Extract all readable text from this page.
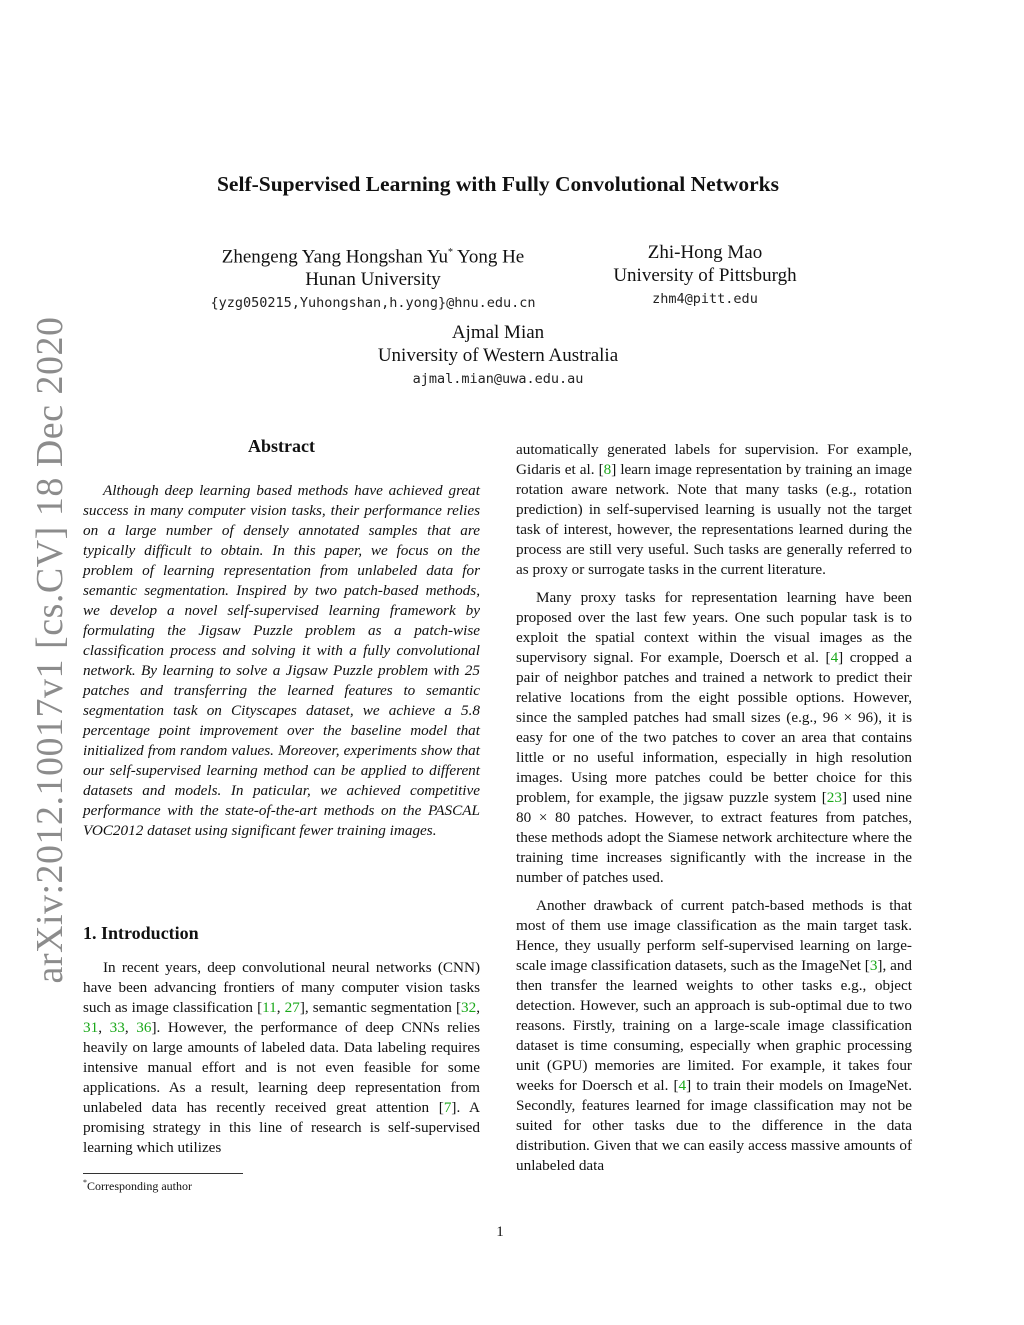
arXiv:2012.10017v1 [cs.CV] 18 Dec 2020
Self-Supervised Learning with Fully Convolutional Networks
Zhengeng Yang Hongshan Yu* Yong He
Hunan University
{yzg050215,Yuhongshan,h.yong}@hnu.edu.cn
Zhi-Hong Mao
University of Pittsburgh
zhm4@pitt.edu
Ajmal Mian
University of Western Australia
ajmal.mian@uwa.edu.au
Abstract

Although deep learning based methods have achieved great success in many computer vision tasks, their performance relies on a large number of densely annotated samples that are typically difficult to obtain. In this paper, we focus on the problem of learning representation from unlabeled data for semantic segmentation. Inspired by two patch-based methods, we develop a novel self-supervised learning framework by formulating the Jigsaw Puzzle problem as a patch-wise classification process and solving it with a fully convolutional network. By learning to solve a Jigsaw Puzzle problem with 25 patches and transferring the learned features to semantic segmentation task on Cityscapes dataset, we achieve a 5.8 percentage point improvement over the baseline model that initialized from random values. Moreover, experiments show that our self-supervised learning method can be applied to different datasets and models. In paticular, we achieved competitive performance with the state-of-the-art methods on the PASCAL VOC2012 dataset using significant fewer training images.

1. Introduction

In recent years, deep convolutional neural networks (CNN) have been advancing frontiers of many computer vision tasks such as image classification [11, 27], semantic segmentation [32, 31, 33, 36]. However, the performance of deep CNNs relies heavily on large amounts of labeled data. Data labeling requires intensive manual effort and is not even feasible for some applications. As a result, learning deep representation from unlabeled data has recently received great attention [7]. A promising strategy in this line of research is self-supervised learning which utilizes

automatically generated labels for supervision. For example, Gidaris et al. [8] learn image representation by training an image rotation aware network. Note that many tasks (e.g., rotation prediction) in self-supervised learning is usually not the target task of interest, however, the representations learned during the process are still very useful. Such tasks are generally referred to as proxy or surrogate tasks in the current literature.

Many proxy tasks for representation learning have been proposed over the last few years. One such popular task is to exploit the spatial context within the visual images as the supervisory signal. For example, Doersch et al. [4] cropped a pair of neighbor patches and trained a network to predict their relative locations from the eight possible options. However, since the sampled patches had small sizes (e.g., 96 × 96), it is easy for one of the two patches to cover an area that contains little or no useful information, especially in high resolution images. Using more patches could be better choice for this problem, for example, the jigsaw puzzle system [23] used nine 80 × 80 patches. However, to extract features from patches, these methods adopt the Siamese network architecture where the training time increases significantly with the increase in the number of patches used.

Another drawback of current patch-based methods is that most of them use image classification as the main target task. Hence, they usually perform self-supervised learning on large-scale image classification datasets, such as the ImageNet [3], and then transfer the learned weights to other tasks e.g., object detection. However, such an approach is sub-optimal due to two reasons. Firstly, training on a large-scale image classification dataset is time consuming, especially when graphic processing unit (GPU) memories are limited. For example, it takes four weeks for Doersch et al. [4] to train their models on ImageNet. Secondly, features learned for image classification may not be suited for other tasks due to the difference in the data distribution. Given that we can easily access massive amounts of unlabeled data

*Corresponding author
1
